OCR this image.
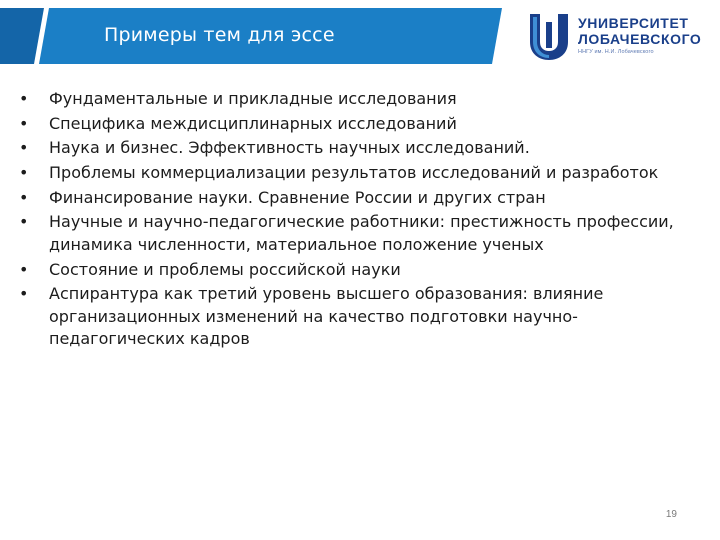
Примеры тем для эссе
УНИВЕРСИТЕТ
ЛОБАЧЕВСКОГО
ННГУ им. Н.И. Лобачевского
• Фундаментальные и прикладные исследования
• Специфика междисциплинарных исследований
• Наука и бизнес. Эффективность научных исследований.
• Проблемы коммерциализации результатов исследований и разработок
• Финансирование науки. Сравнение России и других стран
• Научные и научно-педагогические работники: престижность профессии, динамика численности, материальное положение ученых
• Состояние и проблемы российской науки
• Аспирантура как третий уровень высшего образования: влияние организационных изменений на качество подготовки научно-педагогических кадров
19
